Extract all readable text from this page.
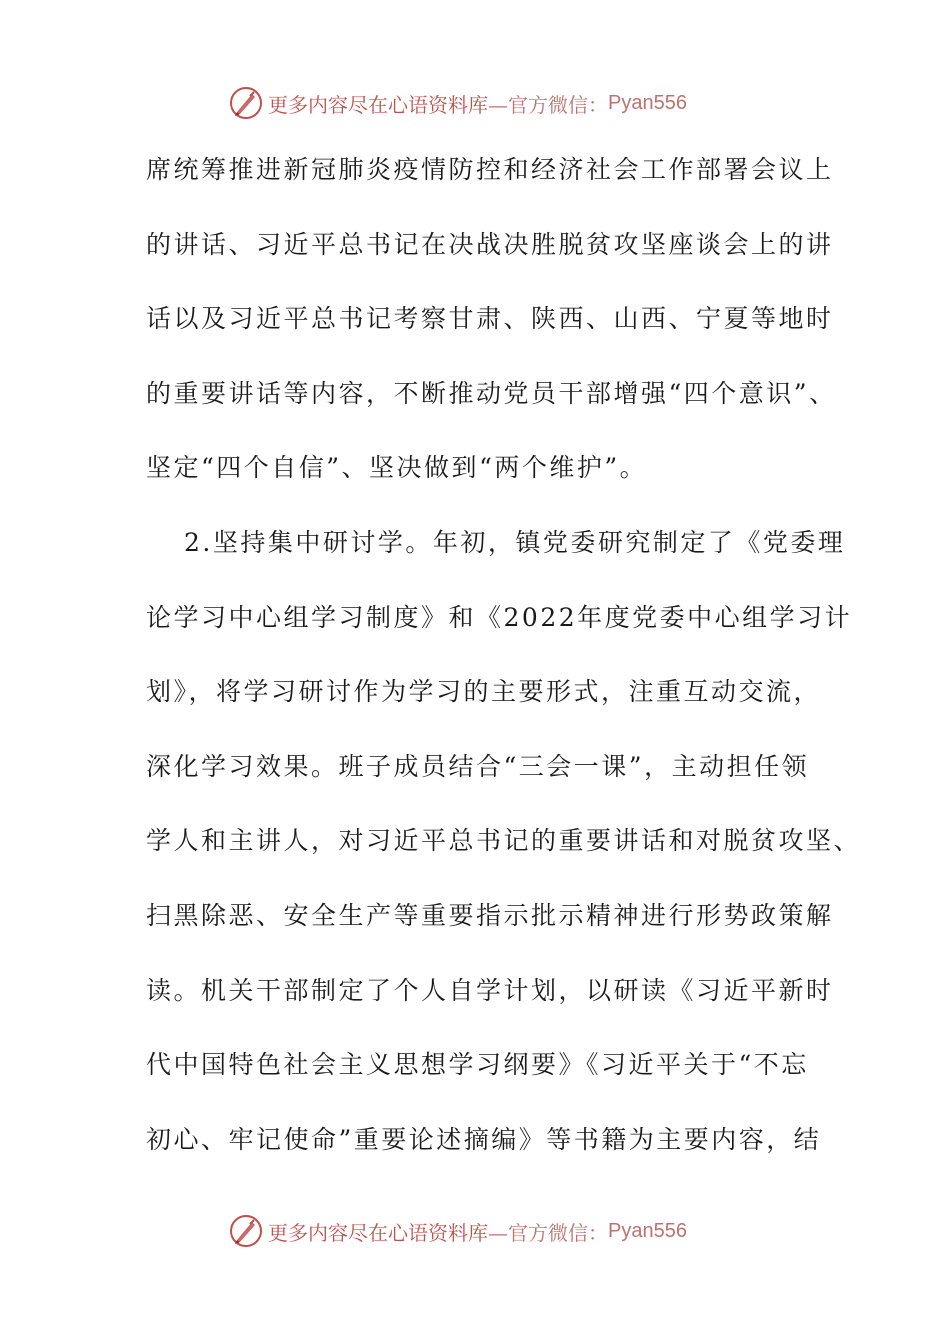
更多内容尽在心语资料库 —官方微信： Pyan556
席统筹推进新冠肺炎疫情防控和经济社会工作部署会议上
的讲话、习近平总书记在决战决胜脱贫攻坚座谈会上的讲
话以及习近平总书记考察甘肃、陕西、山西、宁夏等地时
的重要讲话等内容，不断推动党员干部增强“四个意识”、
坚定“四个自信”、坚决做到“两个维护”。
2.坚持集中研讨学。年初，镇党委研究制定了《党委理
论学习中心组学习制度》和《2022年度党委中心组学习计
划》，将学习研讨作为学习的主要形式，注重互动交流，
深化学习效果。班子成员结合“三会一课”，主动担任领
学人和主讲人，对习近平总书记的重要讲话和对脱贫攻坚、
扫黑除恶、安全生产等重要指示批示精神进行形势政策解
读。机关干部制定了个人自学计划，以研读《习近平新时
代中国特色社会主义思想学习纲要》《习近平关于“不忘
初心、牢记使命”重要论述摘编》等书籍为主要内容，结
更多内容尽在心语资料库 —官方微信： Pyan556
